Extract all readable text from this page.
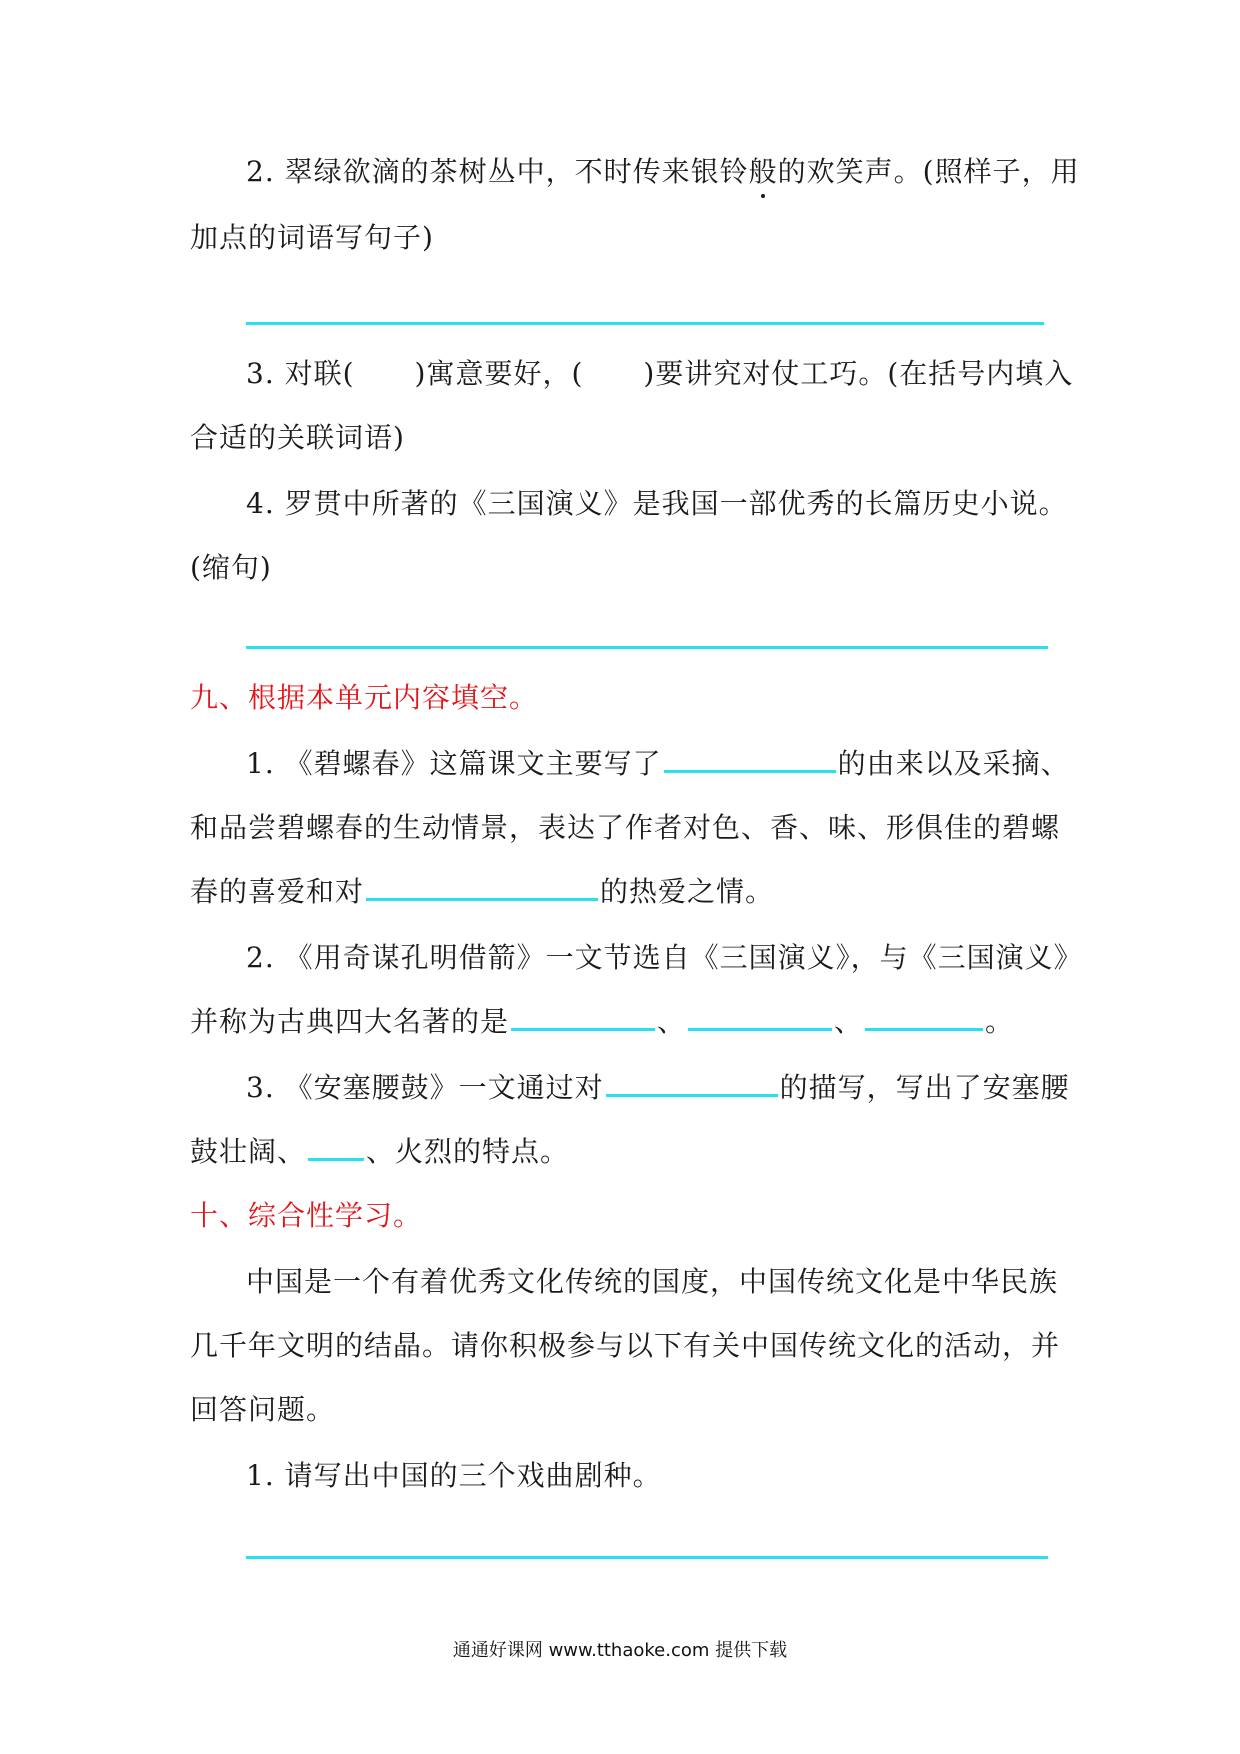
2. 翠绿欲滴的茶树丛中，不时传来银铃般的欢笑声。(照样子，用
加点的词语写句子)
3. 对联( )寓意要好，( )要讲究对仗工巧。(在括号内填入
合适的关联词语)
4. 罗贯中所著的《三国演义》是我国一部优秀的长篇历史小说。
(缩句)
九、根据本单元内容填空。
1. 《碧螺春》这篇课文主要写了	的由来以及采摘、
和品尝碧螺春的生动情景，表达了作者对色、香、味、形俱佳的碧螺
春的喜爱和对	的热爱之情。
2. 《用奇谋孔明借箭》一文节选自《三国演义》，与《三国演义》
并称为古典四大名著的是	、	、	。
3. 《安塞腰鼓》一文通过对	的描写，写出了安塞腰
鼓壮阔、 、火烈的特点。
十、综合性学习。
中国是一个有着优秀文化传统的国度，中国传统文化是中华民族
几千年文明的结晶。请你积极参与以下有关中国传统文化的活动，并
回答问题。
1. 请写出中国的三个戏曲剧种。
通通好课网 www.tthaoke.com 提供下载
